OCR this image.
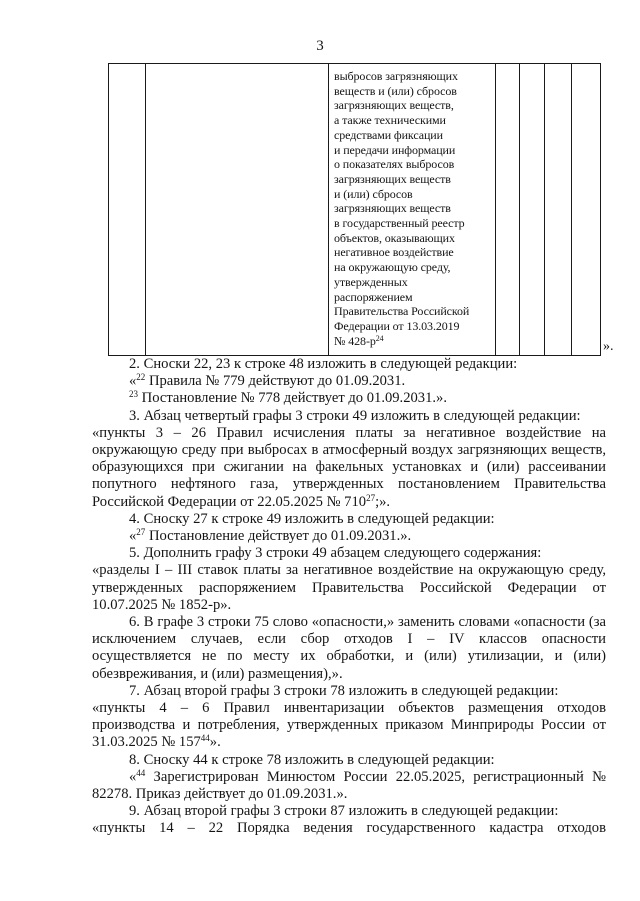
3
выбросов загрязняющих
веществ и (или) сбросов
загрязняющих веществ,
а также техническими
средствами фиксации
и передачи информации
о показателях выбросов
загрязняющих веществ
и (или) сбросов
загрязняющих веществ
в государственный реестр
объектов, оказывающих
негативное воздействие
на окружающую среду,
утвержденных
распоряжением
Правительства Российской
Федерации от 13.03.2019
№ $428-р^{24}$
».

2. Сноски 22, 23 к строке 48 изложить в следующей редакции:

«$^{22}$ Правила № 779 действуют до 01.09.2031.

$^{23}$ Постановление № 778 действует до 01.09.2031.».

3. Абзац четвертый графы 3 строки 49 изложить в следующей редакции:

«пункты 3 – 26 Правил исчисления платы за негативное воздействие на окружающую среду при выбросах в атмосферный воздух загрязняющих веществ, образующихся при сжигании на факельных установках и (или) рассеивании попутного нефтяного газа, утвержденных постановлением Правительства Российской Федерации от 22.05.2025 № $710^{27}$;».

4. Сноску 27 к строке 49 изложить в следующей редакции:

«$^{27}$ Постановление действует до 01.09.2031.».

5. Дополнить графу 3 строки 49 абзацем следующего содержания:

«разделы I – III ставок платы за негативное воздействие на окружающую среду, утвержденных распоряжением Правительства Российской Федерации от 10.07.2025 № 1852-р».

6. В графе 3 строки 75 слово «опасности,» заменить словами «опасности (за исключением случаев, если сбор отходов I – IV классов опасности осуществляется не по месту их обработки, и (или) утилизации, и (или) обезвреживания, и (или) размещения),».

7. Абзац второй графы 3 строки 78 изложить в следующей редакции:

«пункты 4 – 6 Правил инвентаризации объектов размещения отходов производства и потребления, утвержденных приказом Минприроды России от 31.03.2025 № $157^{44}$».

8. Сноску 44 к строке 78 изложить в следующей редакции:

«$^{44}$ Зарегистрирован Минюстом России 22.05.2025, регистрационный № 82278. Приказ действует до 01.09.2031.».

9. Абзац второй графы 3 строки 87 изложить в следующей редакции:

«пункты 14 – 22 Порядка ведения государственного кадастра отходов
